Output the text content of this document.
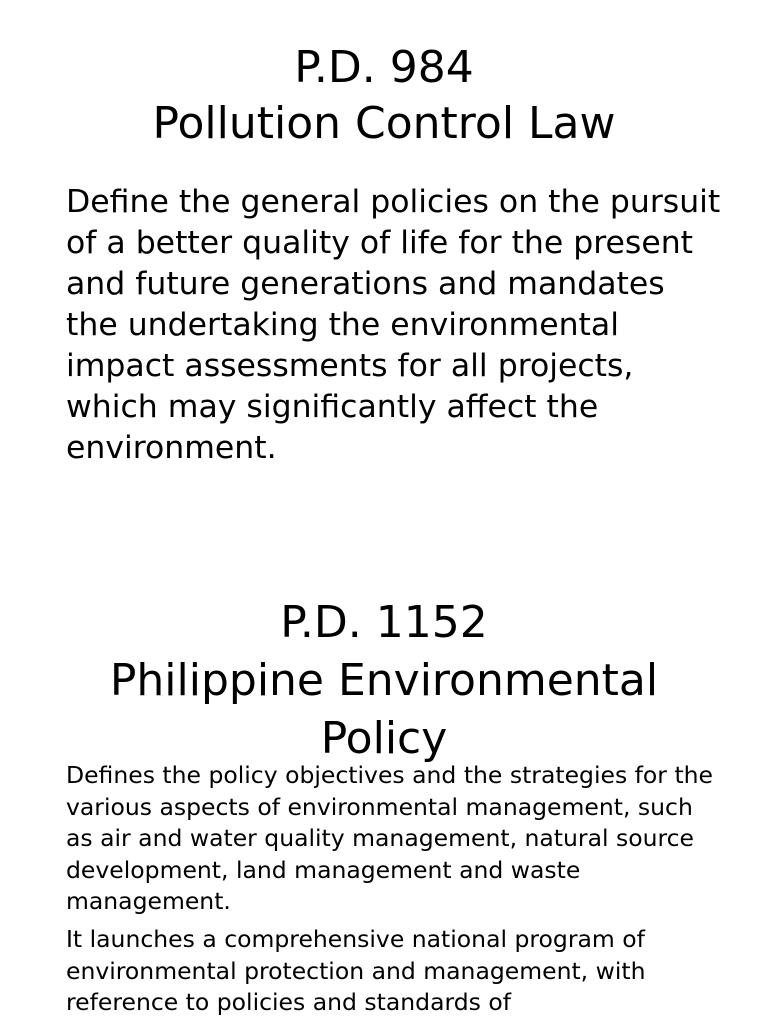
P.D. 984
Pollution Control Law

Define the general policies on the pursuit of a better quality of life for the present and future generations and mandates the undertaking the environmental impact assessments for all projects, which may significantly affect the environment.

P.D. 1152
Philippine Environmental
Policy

Defines the policy objectives and the strategies for the various aspects of environmental management, such as air and water quality management, natural source development, land management and waste management.

It launches a comprehensive national program of environmental protection and management, with reference to policies and standards of
